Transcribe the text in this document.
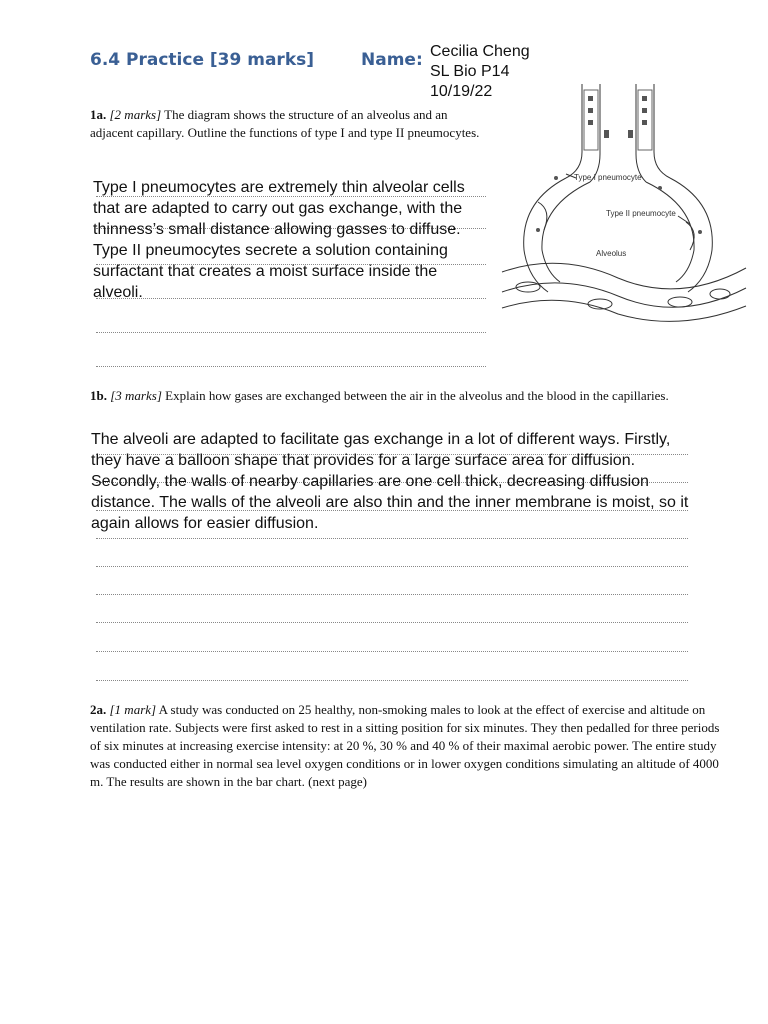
6.4 Practice [39 marks]	Name: Cecilia Cheng
SL Bio P14
10/19/22
1a. [2 marks] The diagram shows the structure of an alveolus and an adjacent capillary. Outline the functions of type I and type II pneumocytes.
Type I pneumocytes are extremely thin alveolar cells that are adapted to carry out gas exchange, with the thinness’s small distance allowing gasses to diffuse. Type II pneumocytes secrete a solution containing surfactant that creates a moist surface inside the alveoli.
Type I pneumocyte
Type II pneumocyte
Alveolus
1b. [3 marks] Explain how gases are exchanged between the air in the alveolus and the blood in the capillaries.
The alveoli are adapted to facilitate gas exchange in a lot of different ways. Firstly, they have a balloon shape that provides for a large surface area for diffusion. Secondly, the walls of nearby capillaries are one cell thick, decreasing diffusion distance. The walls of the alveoli are also thin and the inner membrane is moist, so it again allows for easier diffusion.
2a. [1 mark] A study was conducted on 25 healthy, non-smoking males to look at the effect of exercise and altitude on ventilation rate. Subjects were first asked to rest in a sitting position for six minutes. They then pedalled for three periods of six minutes at increasing exercise intensity: at 20 %, 30 % and 40 % of their maximal aerobic power. The entire study was conducted either in normal sea level oxygen conditions or in lower oxygen conditions simulating an altitude of 4000 m. The results are shown in the bar chart. (next page)
